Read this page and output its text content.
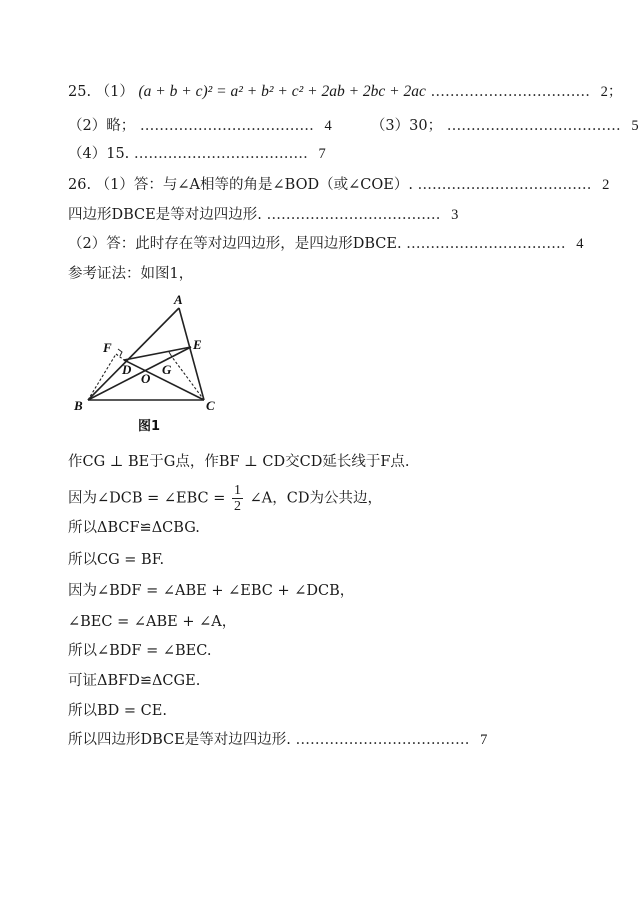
25. （1） (a + b + c)² = a² + b² + c² + 2ab + 2bc + 2ac …………………………… 2；
（2）略； ……………………………… 4	（3）30； ……………………………… 5
（4）15. ……………………………… 7
26. （1）答：与∠A相等的角是∠BOD（或∠COE）. ……………………………… 2
四边形DBCE是等对边四边形. ……………………………… 3
（2）答：此时存在等对边四边形，是四边形DBCE. …………………………… 4
参考证法：如图1，
A
B	C
D
E
F
G
O
图1
作CG ⊥ BE于G点，作BF ⊥ CD交CD延长线于F点.
因为∠DCB = ∠EBC = $\frac{1}{2}$ ∠A，CD为公共边，
所以ΔBCF≌ΔCBG.
所以CG = BF.
因为∠BDF = ∠ABE + ∠EBC + ∠DCB，
∠BEC = ∠ABE + ∠A，
所以∠BDF = ∠BEC.
可证ΔBFD≌ΔCGE.
所以BD = CE.
所以四边形DBCE是等对边四边形. ……………………………… 7
